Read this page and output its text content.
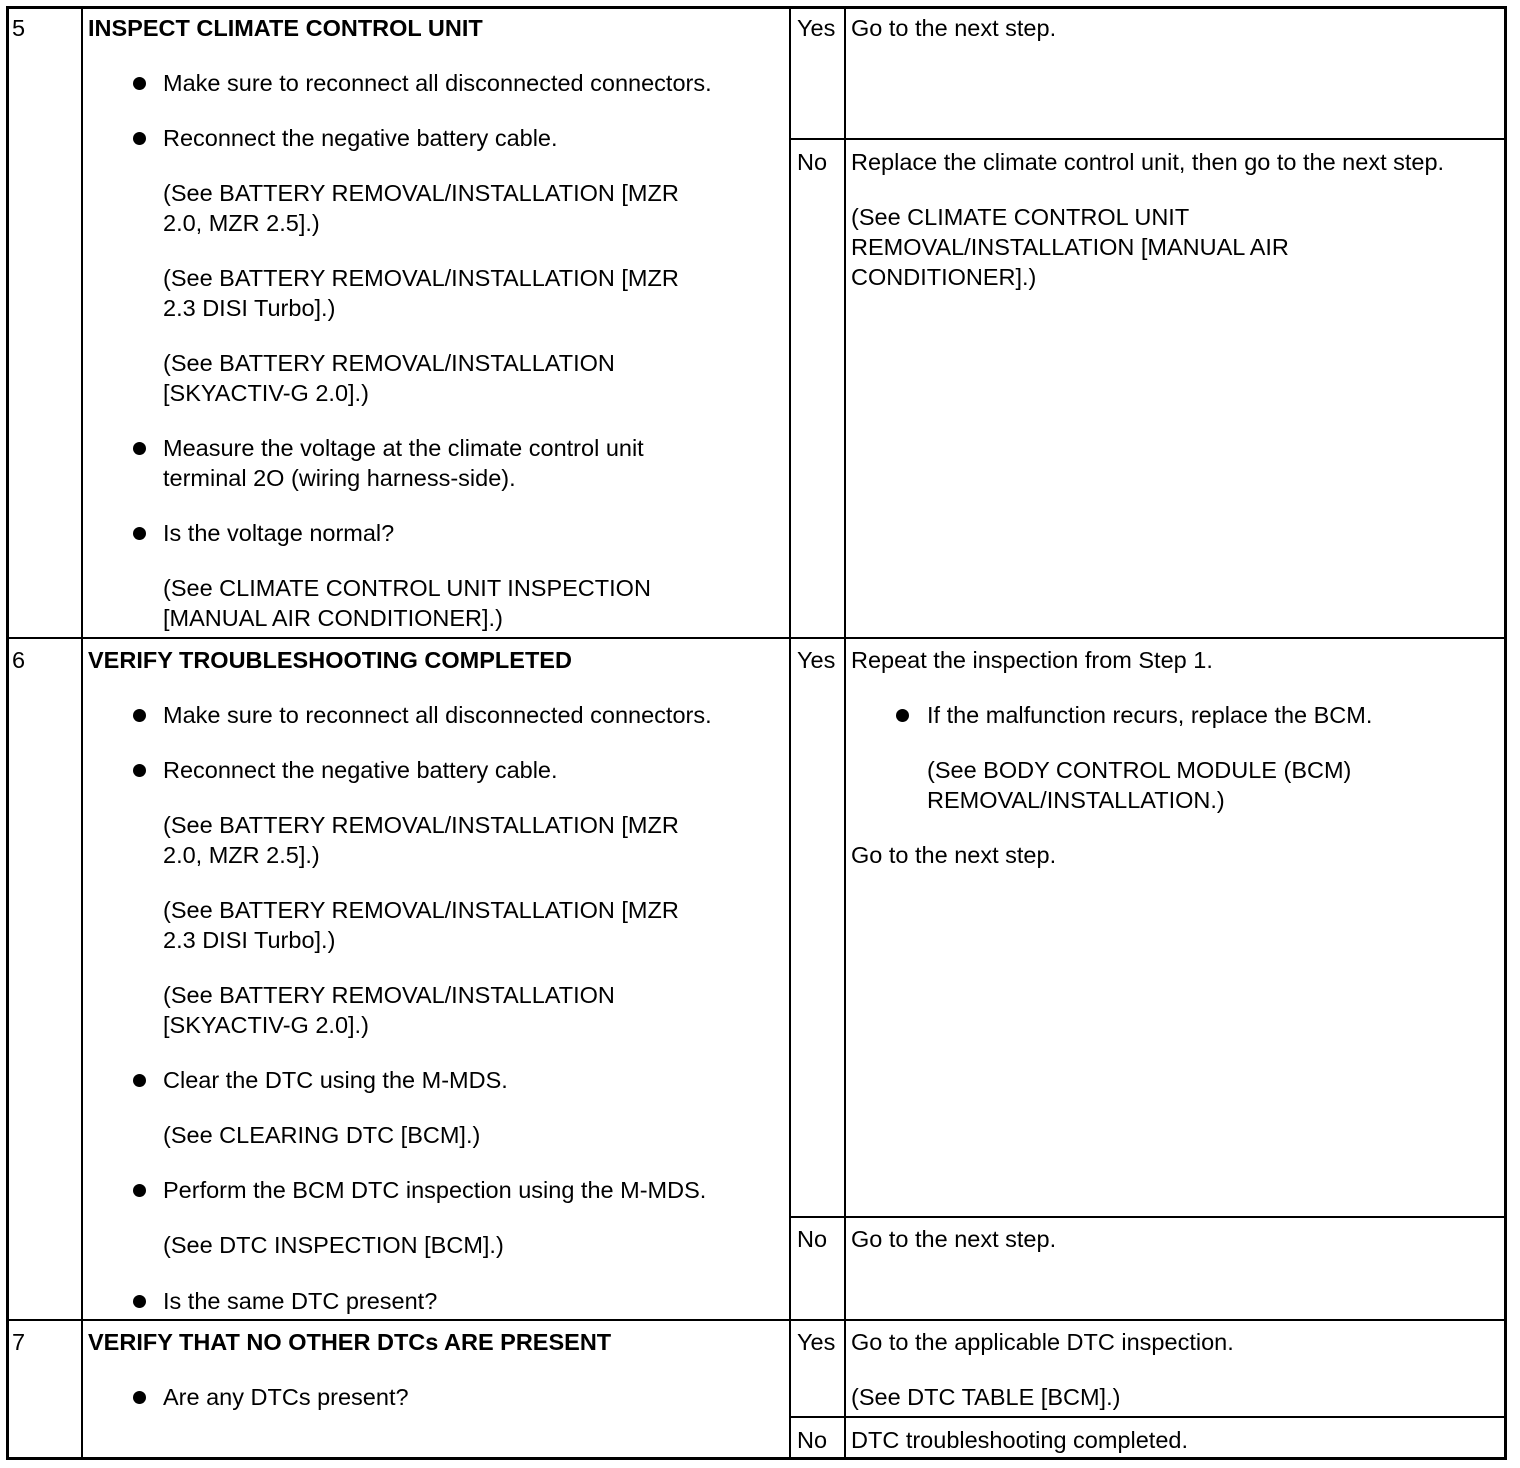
5	INSPECT CLIMATE CONTROL UNIT
Make sure to reconnect all disconnected connectors.
Reconnect the negative battery cable.
(See BATTERY REMOVAL/INSTALLATION [MZR
2.0, MZR 2.5].)
(See BATTERY REMOVAL/INSTALLATION [MZR
2.3 DISI Turbo].)
(See BATTERY REMOVAL/INSTALLATION
[SKYACTIV-G 2.0].)
Measure the voltage at the climate control unit
terminal 2O (wiring harness-side).
Is the voltage normal?
(See CLIMATE CONTROL UNIT INSPECTION
[MANUAL AIR CONDITIONER].)
Yes Go to the next step.
No Replace the climate control unit, then go to the next step.
(See CLIMATE CONTROL UNIT
REMOVAL/INSTALLATION [MANUAL AIR
CONDITIONER].)
6	VERIFY TROUBLESHOOTING COMPLETED
Make sure to reconnect all disconnected connectors.
Reconnect the negative battery cable.
(See BATTERY REMOVAL/INSTALLATION [MZR
2.0, MZR 2.5].)
(See BATTERY REMOVAL/INSTALLATION [MZR
2.3 DISI Turbo].)
(See BATTERY REMOVAL/INSTALLATION
[SKYACTIV-G 2.0].)
Clear the DTC using the M-MDS.
(See CLEARING DTC [BCM].)
Perform the BCM DTC inspection using the M-MDS.
(See DTC INSPECTION [BCM].)
Is the same DTC present?
Yes Repeat the inspection from Step 1.
If the malfunction recurs, replace the BCM.
(See BODY CONTROL MODULE (BCM)
REMOVAL/INSTALLATION.)
Go to the next step.
No Go to the next step.
7	VERIFY THAT NO OTHER DTCs ARE PRESENT
Are any DTCs present?
Yes Go to the applicable DTC inspection.
(See DTC TABLE [BCM].)
No DTC troubleshooting completed.
